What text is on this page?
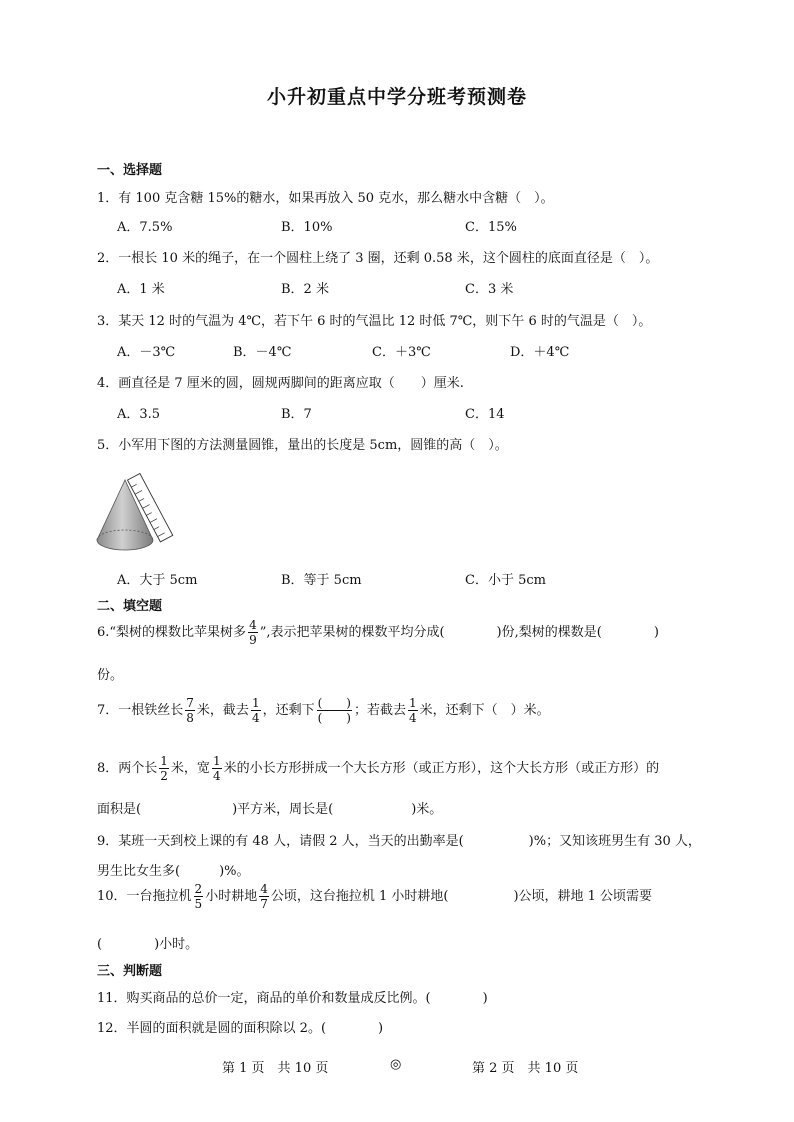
小升初重点中学分班考预测卷
一、选择题
1．有 100 克含糖 15%的糖水，如果再放入 50 克水，那么糖水中含糖（　）。
A．7.5%	B．10%	C．15%
2．一根长 10 米的绳子，在一个圆柱上绕了 3 圈，还剩 0.58 米，这个圆柱的底面直径是（　）。
A．1 米	B．2 米	C．3 米
3．某天 12 时的气温为 4℃，若下午 6 时的气温比 12 时低 7℃，则下午 6 时的气温是（　）。
A．－3℃	B．－4℃	C．＋3℃	D．＋4℃
4．画直径是 7 厘米的圆，圆规两脚间的距离应取（　　）厘米.
A．3.5	B．7	C．14
5．小军用下图的方法测量圆锥，量出的长度是 5cm，圆锥的高（　）。
A．大于 5cm	B．等于 5cm	C．小于 5cm
二、填空题
6.“梨树的棵数比苹果树多 $\frac{4}{9}$ ”,表示把苹果树的棵数平均分成(　　　　)份,梨树的棵数是(　　　　)
份。
7．一根铁丝长 $\frac{7}{8}$ 米，截去 $\frac{1}{4}$ ，还剩下 $\frac{( )}{( )}$ ；若截去 $\frac{1}{4}$ 米，还剩下（　）米。
8．两个长 $\frac{1}{2}$ 米，宽 $\frac{1}{4}$ 米的小长方形拼成一个大长方形（或正方形），这个大长方形（或正方形）的
面积是(　　　　　　　)平方米，周长是(　　　　　　)米。
9．某班一天到校上课的有 48 人，请假 2 人，当天的出勤率是(　　　　　)%；又知该班男生有 30 人，
男生比女生多(　　　)%。
10．一台拖拉机 $\frac{2}{5}$ 小时耕地 $\frac{4}{7}$ 公顷，这台拖拉机 1 小时耕地(　　　　　)公顷，耕地 1 公顷需要
(　　　　)小时。
三、判断题
11．购买商品的总价一定，商品的单价和数量成反比例。(　　　　)
12．半圆的面积就是圆的面积除以 2。(　　　　)
第 1 页　共 10 页	◎	第 2 页　共 10 页
